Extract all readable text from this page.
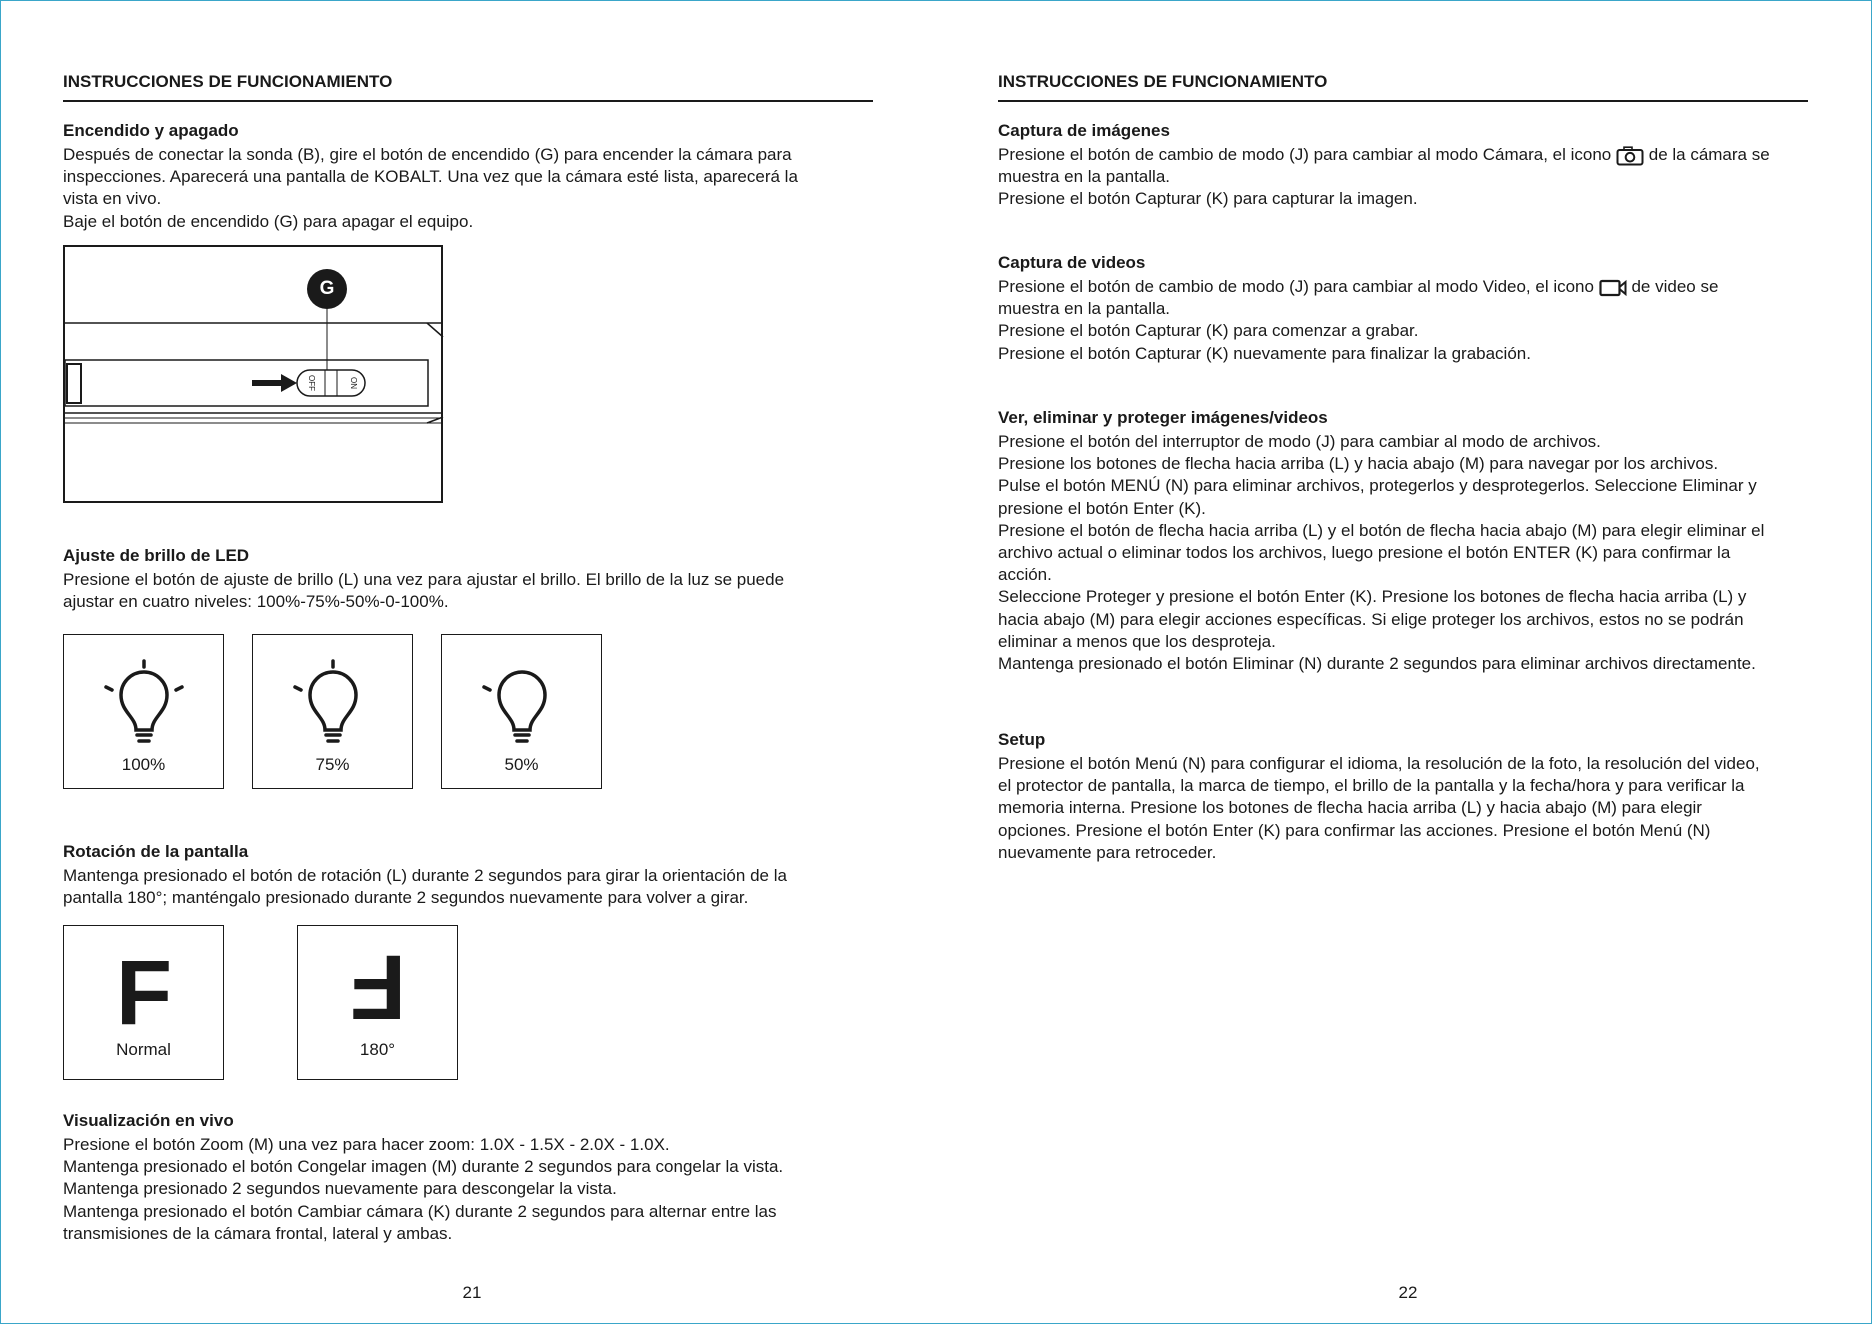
INSTRUCCIONES DE FUNCIONAMIENTO
Encendido y apagado

Después de conectar la sonda (B), gire el botón de encendido (G) para encender la cámara para

inspecciones. Aparecerá una pantalla de KOBALT. Una vez que la cámara esté lista, aparecerá la

vista en vivo.

Baje el botón de encendido (G) para apagar el equipo.

OFF	ON
G
Ajuste de brillo de LED

Presione el botón de ajuste de brillo (L) una vez para ajustar el brillo. El brillo de la luz se puede

ajustar en cuatro niveles: 100%-75%-50%-0-100%.

100%	75%	50%
Rotación de la pantalla

Mantenga presionado el botón de rotación (L) durante 2 segundos para girar la orientación de la

pantalla 180°; manténgalo presionado durante 2 segundos nuevamente para volver a girar.

F
Normal
F
180°
Visualización en vivo

Presione el botón Zoom (M) una vez para hacer zoom: 1.0X - 1.5X - 2.0X - 1.0X.

Mantenga presionado el botón Congelar imagen (M) durante 2 segundos para congelar la vista.

Mantenga presionado 2 segundos nuevamente para descongelar la vista.

Mantenga presionado el botón Cambiar cámara (K) durante 2 segundos para alternar entre las

transmisiones de la cámara frontal, lateral y ambas.

21
INSTRUCCIONES DE FUNCIONAMIENTO
Captura de imágenes

Presione el botón de cambio de modo (J) para cambiar al modo Cámara, el icono de la cámara se

muestra en la pantalla.

Presione el botón Capturar (K) para capturar la imagen.

Captura de videos

Presione el botón de cambio de modo (J) para cambiar al modo Video, el icono de video se

muestra en la pantalla.

Presione el botón Capturar (K) para comenzar a grabar.

Presione el botón Capturar (K) nuevamente para finalizar la grabación.

Ver, eliminar y proteger imágenes/videos

Presione el botón del interruptor de modo (J) para cambiar al modo de archivos.

Presione los botones de flecha hacia arriba (L) y hacia abajo (M) para navegar por los archivos.

Pulse el botón MENÚ (N) para eliminar archivos, protegerlos y desprotegerlos. Seleccione Eliminar y

presione el botón Enter (K).

Presione el botón de flecha hacia arriba (L) y el botón de flecha hacia abajo (M) para elegir eliminar el

archivo actual o eliminar todos los archivos, luego presione el botón ENTER (K) para confirmar la

acción.

Seleccione Proteger y presione el botón Enter (K). Presione los botones de flecha hacia arriba (L) y

hacia abajo (M) para elegir acciones específicas. Si elige proteger los archivos, estos no se podrán

eliminar a menos que los desproteja.

Mantenga presionado el botón Eliminar (N) durante 2 segundos para eliminar archivos directamente.

Setup

Presione el botón Menú (N) para configurar el idioma, la resolución de la foto, la resolución del video,

el protector de pantalla, la marca de tiempo, el brillo de la pantalla y la fecha/hora y para verificar la

memoria interna. Presione los botones de flecha hacia arriba (L) y hacia abajo (M) para elegir

opciones. Presione el botón Enter (K) para confirmar las acciones. Presione el botón Menú (N)

nuevamente para retroceder.

22
